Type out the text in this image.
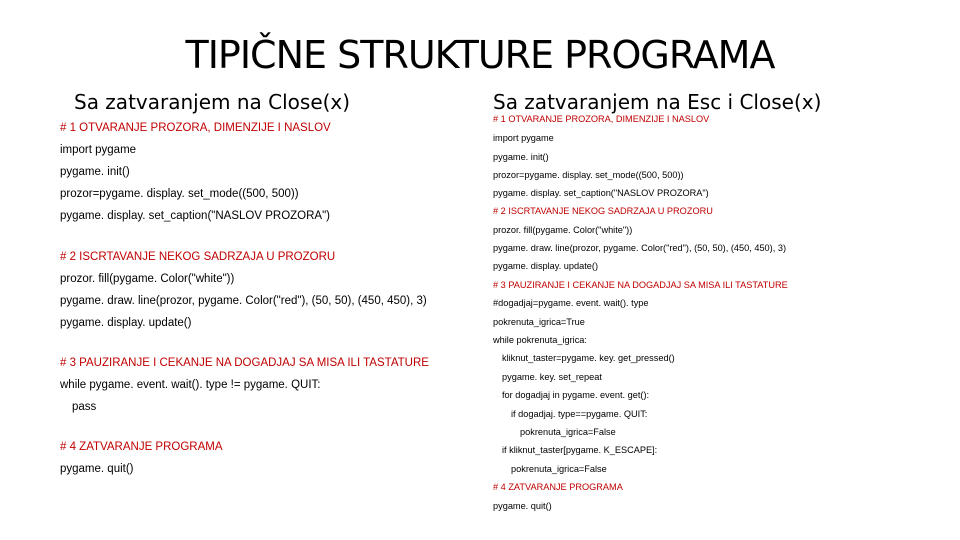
TIPIČNE STRUKTURE PROGRAMA
Sa zatvaranjem na Close(x)
# 1 OTVARANJE PROZORA, DIMENZIJE I NASLOV
import pygame
pygame. init()
prozor=pygame. display. set_mode((500, 500))
pygame. display. set_caption("NASLOV PROZORA")
# 2 ISCRTAVANJE NEKOG SADRZAJA U PROZORU
prozor. fill(pygame. Color("white"))
pygame. draw. line(prozor, pygame. Color("red"), (50, 50), (450, 450), 3)
pygame. display. update()
# 3 PAUZIRANJE I CEKANJE NA DOGADJAJ SA MISA ILI TASTATURE
while pygame. event. wait(). type != pygame. QUIT:
pass
# 4 ZATVARANJE PROGRAMA
pygame. quit()
Sa zatvaranjem na Esc i Close(x)
# 1 OTVARANJE PROZORA, DIMENZIJE I NASLOV
import pygame
pygame. init()
prozor=pygame. display. set_mode((500, 500))
pygame. display. set_caption("NASLOV PROZORA")
# 2 ISCRTAVANJE NEKOG SADRZAJA U PROZORU
prozor. fill(pygame. Color("white"))
pygame. draw. line(prozor, pygame. Color("red"), (50, 50), (450, 450), 3)
pygame. display. update()
# 3 PAUZIRANJE I CEKANJE NA DOGADJAJ SA MISA ILI TASTATURE
#dogadjaj=pygame. event. wait(). type
pokrenuta_igrica=True
while pokrenuta_igrica:
kliknut_taster=pygame. key. get_pressed()
pygame. key. set_repeat
for dogadjaj in pygame. event. get():
if dogadjaj. type==pygame. QUIT:
pokrenuta_igrica=False
if kliknut_taster[pygame. K_ESCAPE]:
pokrenuta_igrica=False
# 4 ZATVARANJE PROGRAMA
pygame. quit()
